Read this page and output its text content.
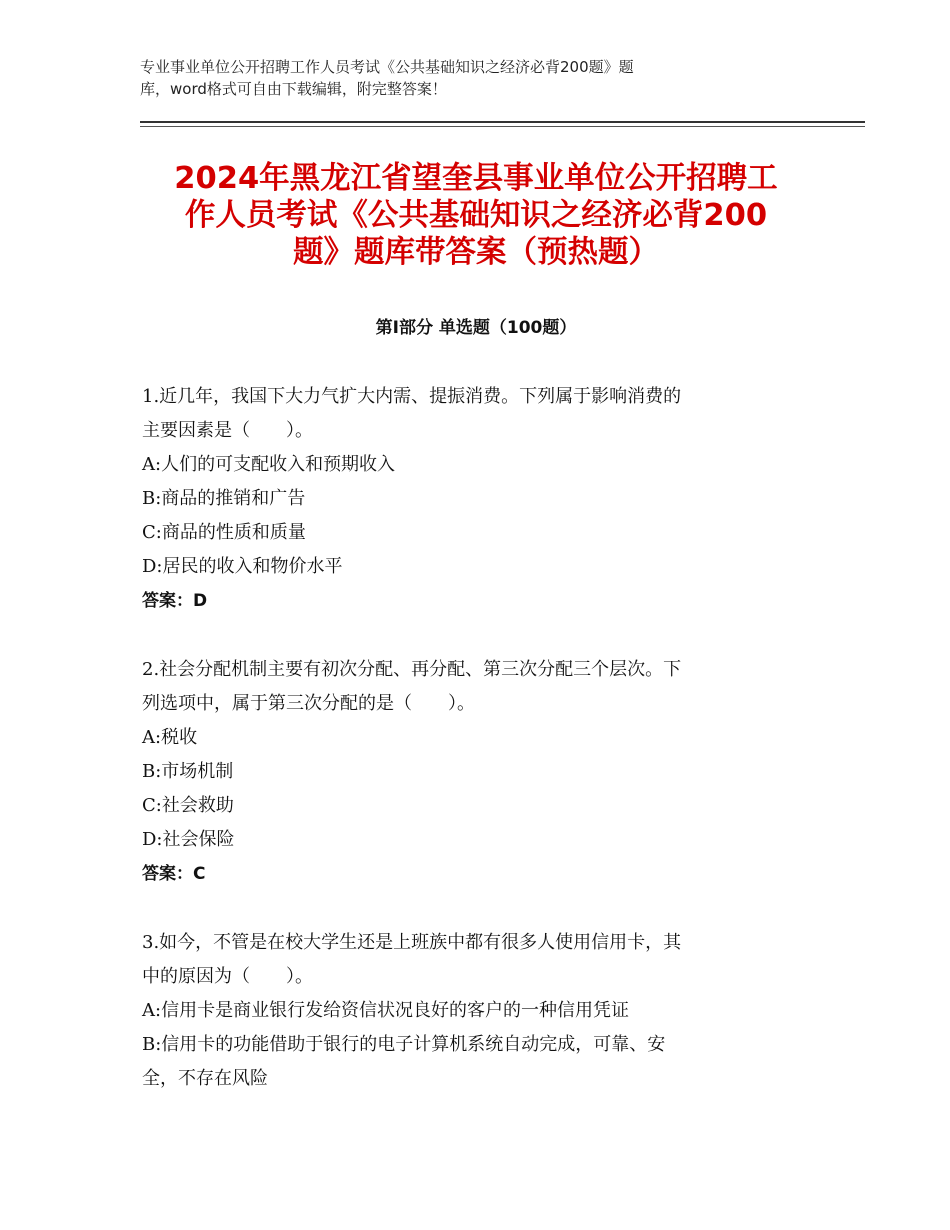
专业事业单位公开招聘工作人员考试《公共基础知识之经济必背200题》题
库，word格式可自由下载编辑，附完整答案！
2024年黑龙江省望奎县事业单位公开招聘工
作人员考试《公共基础知识之经济必背200
题》题库带答案（预热题）
第Ⅰ部分 单选题（100题）
1.近几年，我国下大力气扩大内需、提振消费。下列属于影响消费的
主要因素是（　　）。
A:人们的可支配收入和预期收入
B:商品的推销和广告
C:商品的性质和质量
D:居民的收入和物价水平
答案：D
2.社会分配机制主要有初次分配、再分配、第三次分配三个层次。下
列选项中，属于第三次分配的是（　　）。
A:税收
B:市场机制
C:社会救助
D:社会保险
答案：C
3.如今，不管是在校大学生还是上班族中都有很多人使用信用卡，其
中的原因为（　　）。
A:信用卡是商业银行发给资信状况良好的客户的一种信用凭证
B:信用卡的功能借助于银行的电子计算机系统自动完成，可靠、安
全，不存在风险
